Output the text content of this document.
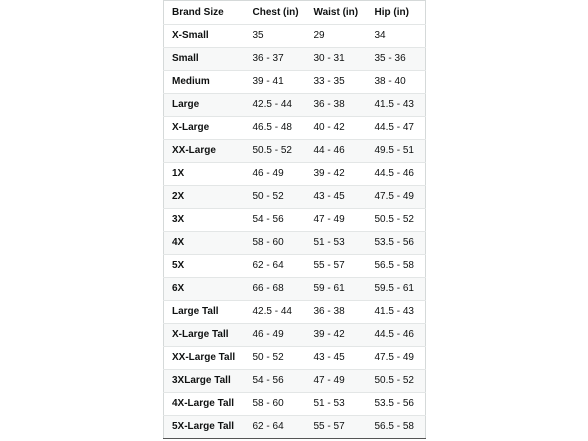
Brand Size	Chest (in)	Waist (in)	Hip (in)
X-Small	35	29	34
Small	36 - 37	30 - 31	35 - 36
Medium	39 - 41	33 - 35	38 - 40
Large	42.5 - 44	36 - 38	41.5 - 43
X-Large	46.5 - 48	40 - 42	44.5 - 47
XX-Large	50.5 - 52	44 - 46	49.5 - 51
1X	46 - 49	39 - 42	44.5 - 46
2X	50 - 52	43 - 45	47.5 - 49
3X	54 - 56	47 - 49	50.5 - 52
4X	58 - 60	51 - 53	53.5 - 56
5X	62 - 64	55 - 57	56.5 - 58
6X	66 - 68	59 - 61	59.5 - 61
Large Tall	42.5 - 44	36 - 38	41.5 - 43
X-Large Tall	46 - 49	39 - 42	44.5 - 46
XX-Large Tall	50 - 52	43 - 45	47.5 - 49
3XLarge Tall	54 - 56	47 - 49	50.5 - 52
4X-Large Tall	58 - 60	51 - 53	53.5 - 56
5X-Large Tall	62 - 64	55 - 57	56.5 - 58
